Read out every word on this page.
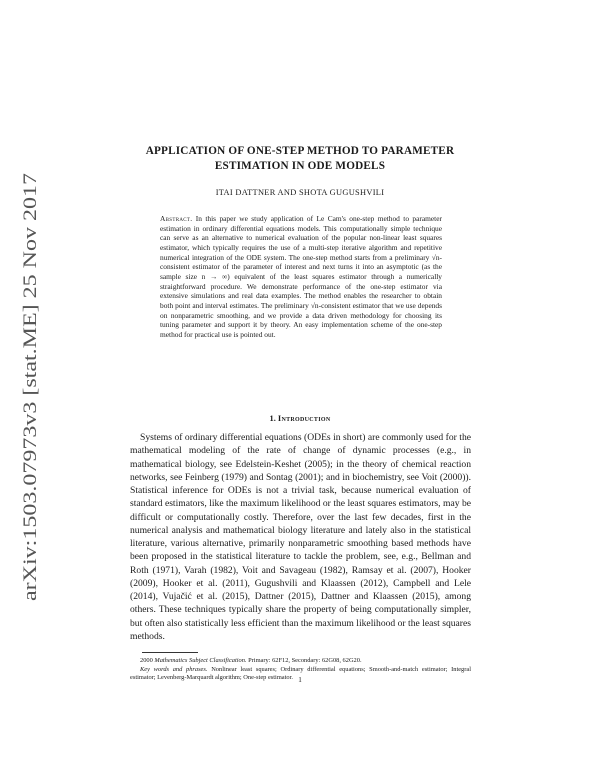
arXiv:1503.07973v3 [stat.ME] 25 Nov 2017
APPLICATION OF ONE-STEP METHOD TO PARAMETER
ESTIMATION IN ODE MODELS

ITAI DATTNER AND SHOTA GUGUSHVILI

Abstract. In this paper we study application of Le Cam's one-step method to parameter estimation in ordinary differential equations models. This computationally simple technique can serve as an alternative to numerical evaluation of the popular non-linear least squares estimator, which typically requires the use of a multi-step iterative algorithm and repetitive numerical integration of the ODE system. The one-step method starts from a preliminary √n-consistent estimator of the parameter of interest and next turns it into an asymptotic (as the sample size n → ∞) equivalent of the least squares estimator through a numerically straightforward procedure. We demonstrate performance of the one-step estimator via extensive simulations and real data examples. The method enables the researcher to obtain both point and interval estimates. The preliminary √n-consistent estimator that we use depends on nonparametric smoothing, and we provide a data driven methodology for choosing its tuning parameter and support it by theory. An easy implementation scheme of the one-step method for practical use is pointed out.

1. Introduction

Systems of ordinary differential equations (ODEs in short) are commonly used for the mathematical modeling of the rate of change of dynamic processes (e.g., in mathematical biology, see Edelstein-Keshet (2005); in the theory of chemical reaction networks, see Feinberg (1979) and Sontag (2001); and in biochemistry, see Voit (2000)). Statistical inference for ODEs is not a trivial task, because numerical evaluation of standard estimators, like the maximum likelihood or the least squares estimators, may be difficult or computationally costly. Therefore, over the last few decades, first in the numerical analysis and mathematical biology literature and lately also in the statistical literature, various alternative, primarily nonparametric smoothing based methods have been proposed in the statistical literature to tackle the problem, see, e.g., Bellman and Roth (1971), Varah (1982), Voit and Savageau (1982), Ramsay et al. (2007), Hooker (2009), Hooker et al. (2011), Gugushvili and Klaassen (2012), Campbell and Lele (2014), Vujačić et al. (2015), Dattner (2015), Dattner and Klaassen (2015), among others. These techniques typically share the property of being computationally simpler, but often also statistically less efficient than the maximum likelihood or the least squares methods.

2000 Mathematics Subject Classification. Primary: 62F12, Secondary: 62G08, 62G20.

Key words and phrases. Nonlinear least squares; Ordinary differential equations; Smooth-and-match estimator; Integral estimator; Levenberg-Marquardt algorithm; One-step estimator. 1
